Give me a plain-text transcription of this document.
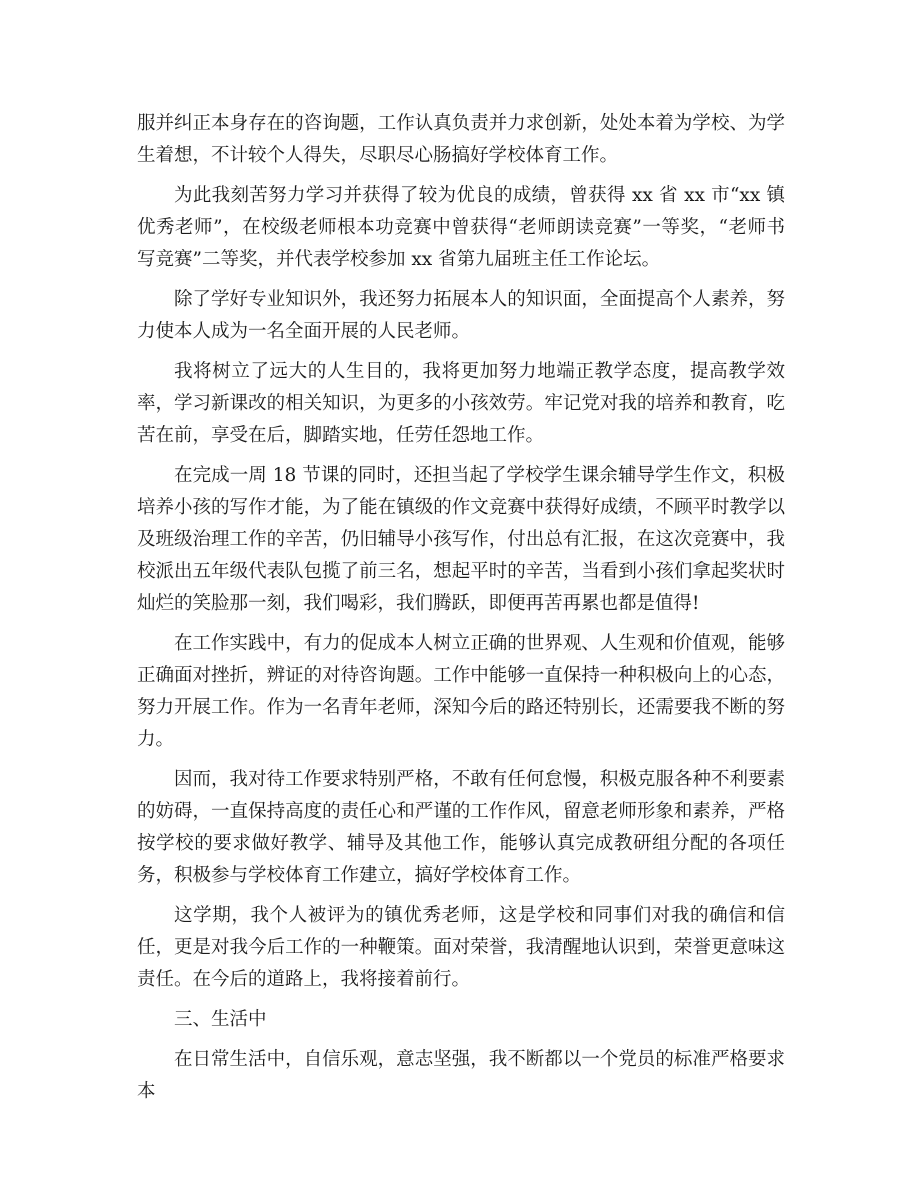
服并纠正本身存在的咨询题，工作认真负责并力求创新，处处本着为学校、为学生着想，不计较个人得失，尽职尽心肠搞好学校体育工作。

为此我刻苦努力学习并获得了较为优良的成绩，曾获得 xx 省 xx 市“xx 镇优秀老师”，在校级老师根本功竞赛中曾获得“老师朗读竞赛”一等奖，“老师书写竞赛”二等奖，并代表学校参加 xx 省第九届班主任工作论坛。

除了学好专业知识外，我还努力拓展本人的知识面，全面提高个人素养，努力使本人成为一名全面开展的人民老师。

我将树立了远大的人生目的，我将更加努力地端正教学态度，提高教学效率，学习新课改的相关知识，为更多的小孩效劳。牢记党对我的培养和教育，吃苦在前，享受在后，脚踏实地，任劳任怨地工作。

在完成一周 18 节课的同时，还担当起了学校学生课余辅导学生作文，积极培养小孩的写作才能，为了能在镇级的作文竞赛中获得好成绩，不顾平时教学以及班级治理工作的辛苦，仍旧辅导小孩写作，付出总有汇报，在这次竞赛中，我校派出五年级代表队包揽了前三名，想起平时的辛苦，当看到小孩们拿起奖状时灿烂的笑脸那一刻，我们喝彩，我们腾跃，即便再苦再累也都是值得!

在工作实践中，有力的促成本人树立正确的世界观、人生观和价值观，能够正确面对挫折，辨证的对待咨询题。工作中能够一直保持一种积极向上的心态，努力开展工作。作为一名青年老师，深知今后的路还特别长，还需要我不断的努力。

因而，我对待工作要求特别严格，不敢有任何怠慢，积极克服各种不利要素的妨碍，一直保持高度的责任心和严谨的工作作风，留意老师形象和素养，严格按学校的要求做好教学、辅导及其他工作，能够认真完成教研组分配的各项任务，积极参与学校体育工作建立，搞好学校体育工作。

这学期，我个人被评为的镇优秀老师，这是学校和同事们对我的确信和信任，更是对我今后工作的一种鞭策。面对荣誉，我清醒地认识到，荣誉更意味这责任。在今后的道路上，我将接着前行。

三、生活中

在日常生活中，自信乐观，意志坚强，我不断都以一个党员的标准严格要求本
